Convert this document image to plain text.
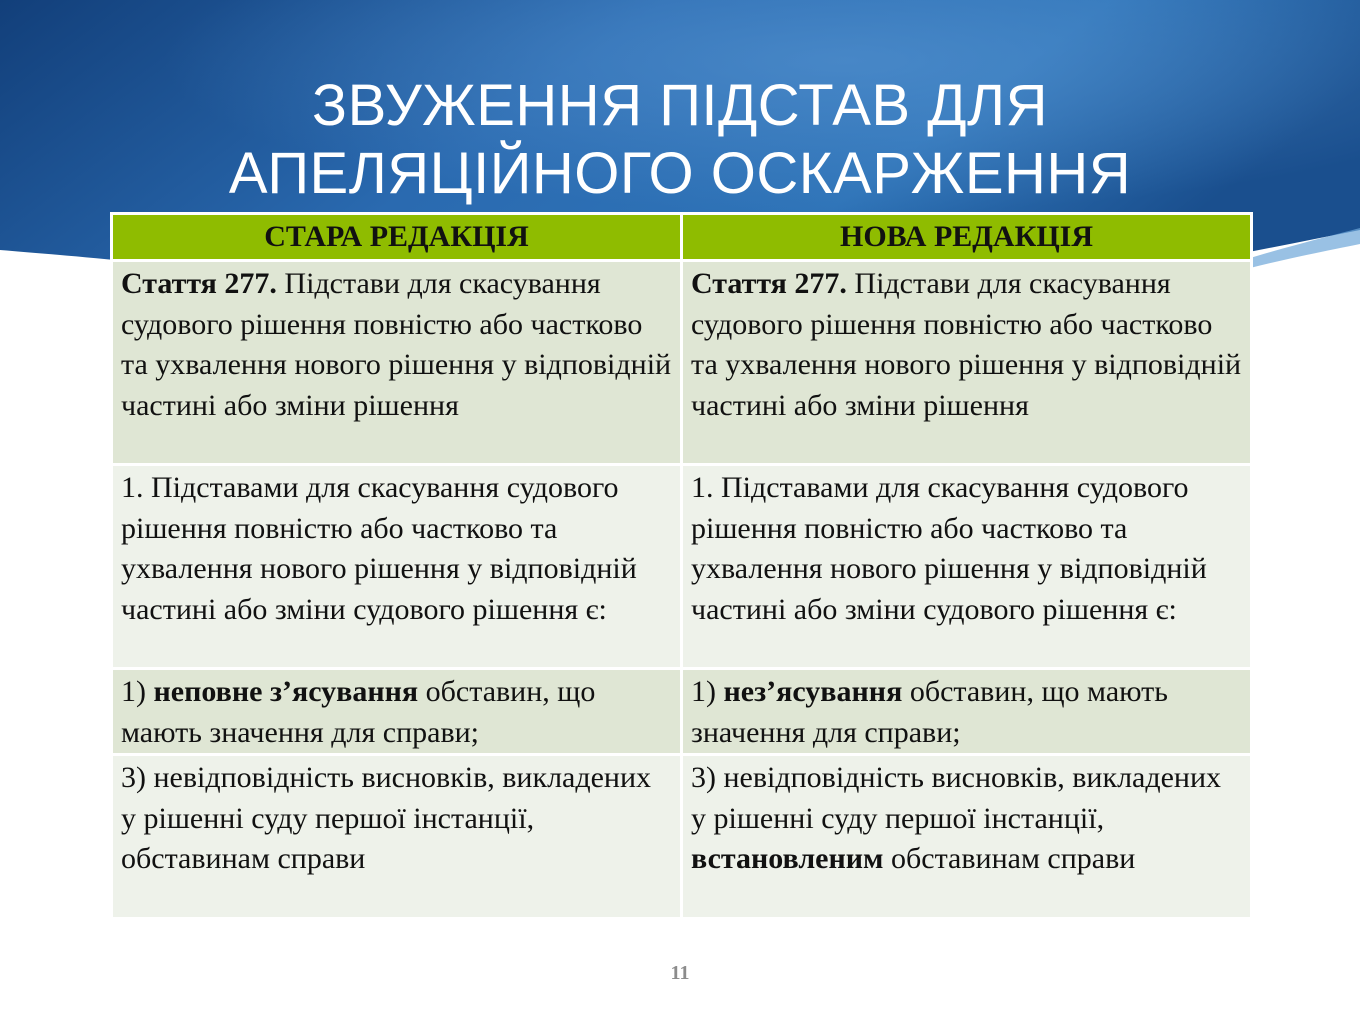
ЗВУЖЕННЯ ПІДСТАВ ДЛЯ
АПЕЛЯЦІЙНОГО ОСКАРЖЕННЯ
СТАРА РЕДАКЦІЯ	НОВА РЕДАКЦІЯ
Стаття 277. Підстави для скасування судового рішення повністю або частково та ухвалення нового рішення у відповідній частині або зміни рішення	Стаття 277. Підстави для скасування судового рішення повністю або частково та ухвалення нового рішення у відповідній частині або зміни рішення
1. Підставами для скасування судового рішення повністю або частково та ухвалення нового рішення у відповідній частині або зміни судового рішення є:	1. Підставами для скасування судового рішення повністю або частково та ухвалення нового рішення у відповідній частині або зміни судового рішення є:
1) неповне з’ясування обставин, що мають значення для справи;	1) нез’ясування обставин, що мають значення для справи;
3) невідповідність висновків, викладених у рішенні суду першої інстанції, обставинам справи	3) невідповідність висновків, викладених у рішенні суду першої інстанції, встановленим обставинам справи
11
